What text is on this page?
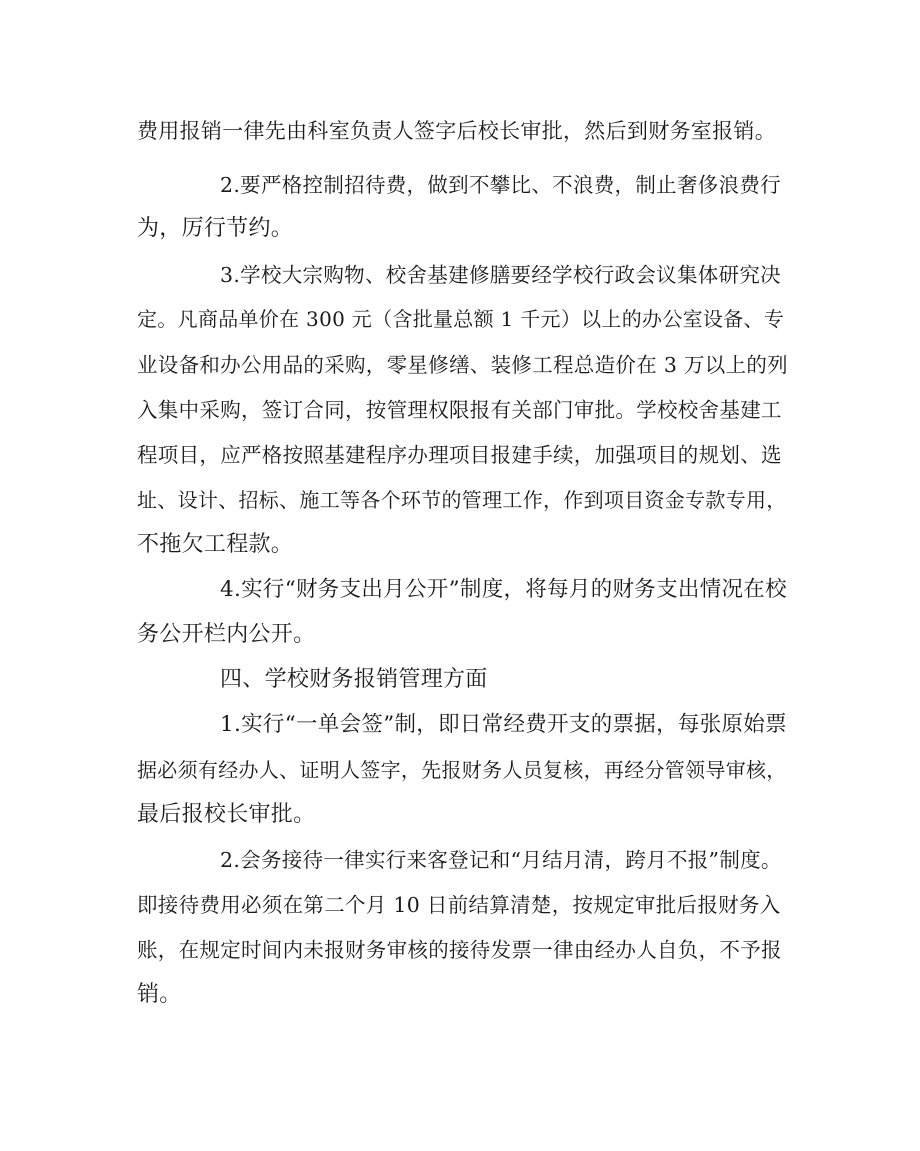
费用报销一律先由科室负责人签字后校长审批，然后到财务室报销。
2.要严格控制招待费，做到不攀比、不浪费，制止奢侈浪费行
为，厉行节约。
3.学校大宗购物、校舍基建修膳要经学校行政会议集体研究决
定。凡商品单价在 300 元（含批量总额 1 千元）以上的办公室设备、专
业设备和办公用品的采购，零星修缮、装修工程总造价在 3 万以上的列
入集中采购，签订合同，按管理权限报有关部门审批。学校校舍基建工
程项目，应严格按照基建程序办理项目报建手续，加强项目的规划、选
址、设计、招标、施工等各个环节的管理工作，作到项目资金专款专用，
不拖欠工程款。
4.实行“财务支出月公开”制度，将每月的财务支出情况在校
务公开栏内公开。
四、学校财务报销管理方面
1.实行“一单会签”制，即日常经费开支的票据，每张原始票
据必须有经办人、证明人签字，先报财务人员复核，再经分管领导审核，
最后报校长审批。
2.会务接待一律实行来客登记和“月结月清，跨月不报”制度。
即接待费用必须在第二个月 10 日前结算清楚，按规定审批后报财务入
账，在规定时间内未报财务审核的接待发票一律由经办人自负，不予报
销。
